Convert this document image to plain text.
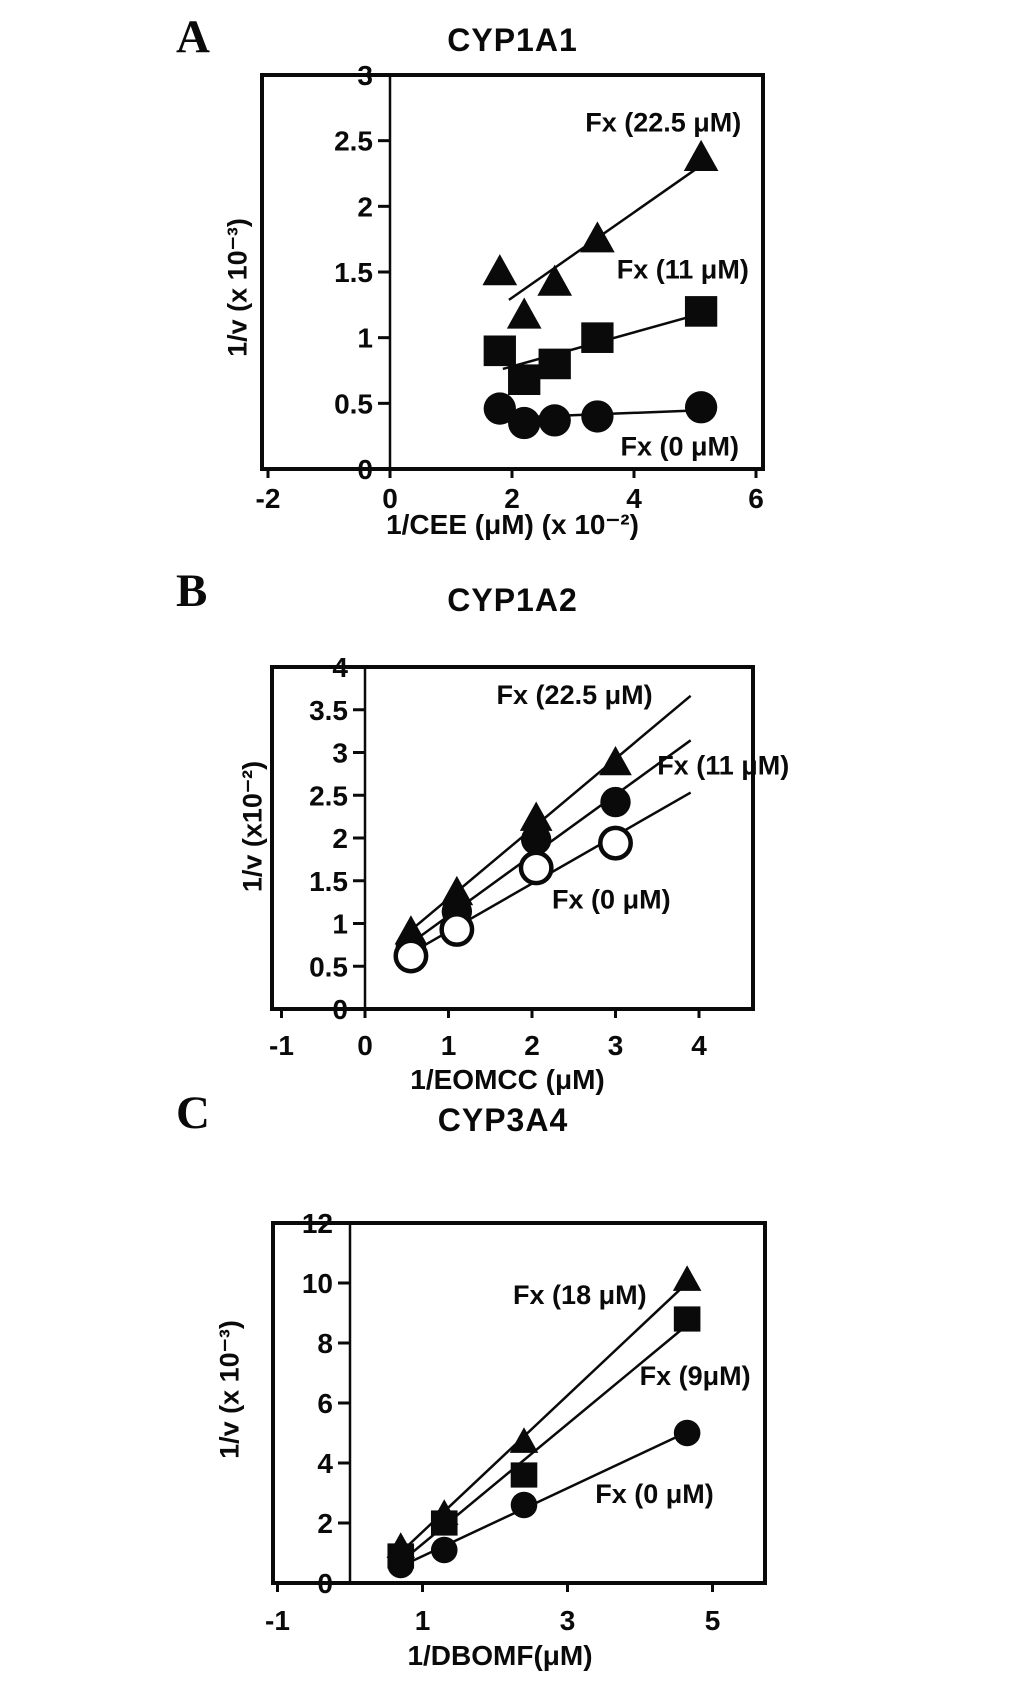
0
0.5
1
1.5
2
2.5
3
-2	0	2	4	6
Fx (22.5 μM)
Fx (11 μM)
Fx (0 μM)
0
0.5
1
1.5
2
2.5
3
3.5
4
-1 0 1 2 3 4
Fx (22.5 μM)
Fx (11 μM)
Fx (0 μM)
0
2
4
6
8
10
12
-1	1	3	5
Fx (18 μM)
Fx (9μM)
Fx (0 μM)
A	CYP1A1
1/v (x 10⁻³)
1/CEE (μM) (x 10⁻²)
B	CYP1A2
1/v (x10⁻²)
1/EOMCC (μM)
C	CYP3A4
1/v (x 10⁻³)
1/DBOMF(μM)
